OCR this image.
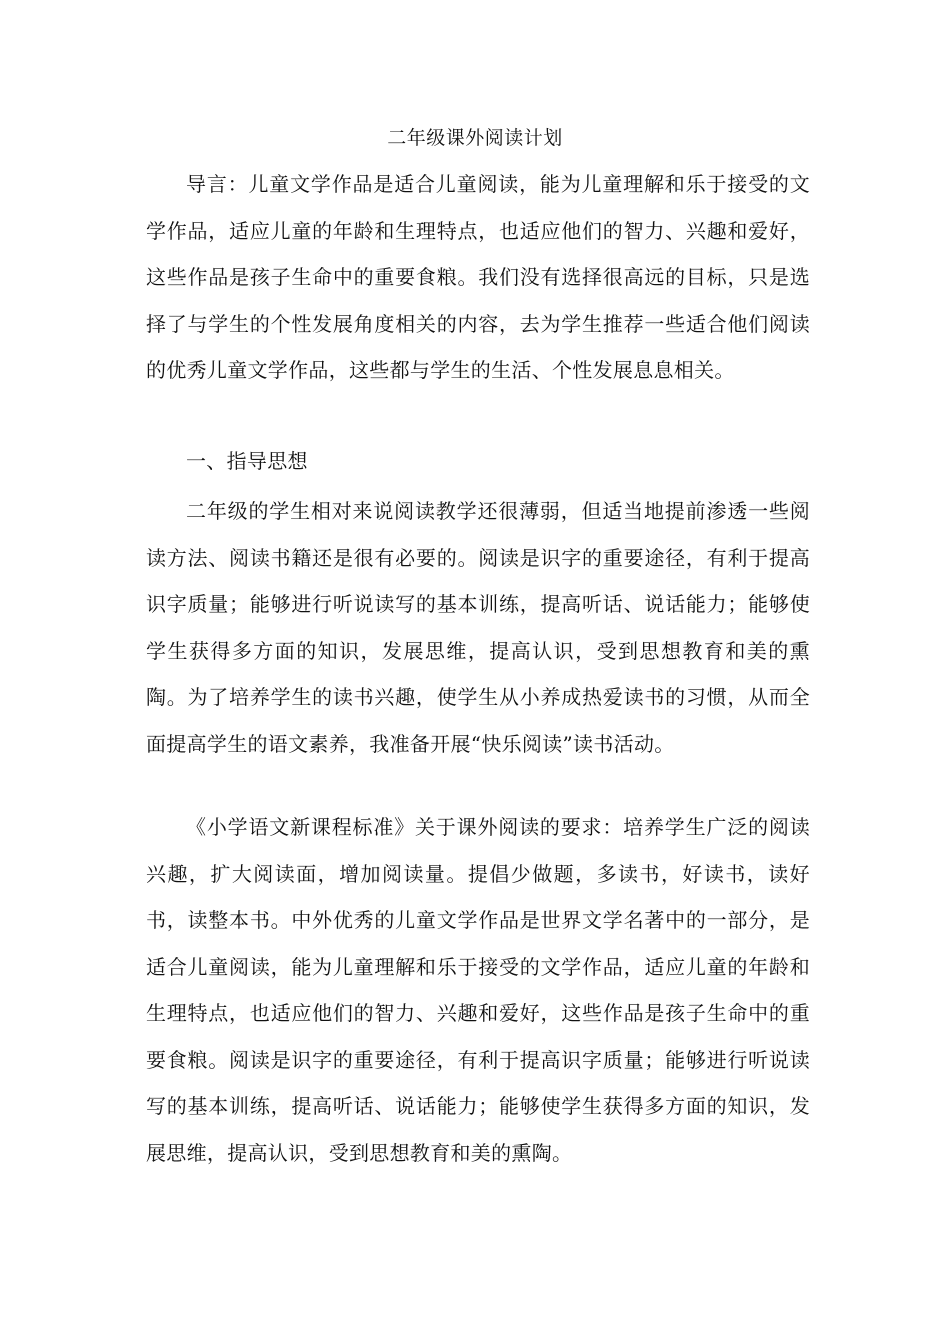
二年级课外阅读计划

导言：儿童文学作品是适合儿童阅读，能为儿童理解和乐于接受的文学作品，适应儿童的年龄和生理特点，也适应他们的智力、兴趣和爱好，这些作品是孩子生命中的重要食粮。我们没有选择很高远的目标，只是选择了与学生的个性发展角度相关的内容，去为学生推荐一些适合他们阅读的优秀儿童文学作品，这些都与学生的生活、个性发展息息相关。

一、指导思想

二年级的学生相对来说阅读教学还很薄弱，但适当地提前渗透一些阅读方法、阅读书籍还是很有必要的。阅读是识字的重要途径，有利于提高识字质量；能够进行听说读写的基本训练，提高听话、说话能力；能够使学生获得多方面的知识，发展思维，提高认识，受到思想教育和美的熏陶。为了培养学生的读书兴趣，使学生从小养成热爱读书的习惯，从而全面提高学生的语文素养，我准备开展“快乐阅读”读书活动。

《小学语文新课程标准》关于课外阅读的要求：培养学生广泛的阅读兴趣，扩大阅读面，增加阅读量。提倡少做题，多读书，好读书，读好书，读整本书。中外优秀的儿童文学作品是世界文学名著中的一部分，是适合儿童阅读，能为儿童理解和乐于接受的文学作品，适应儿童的年龄和生理特点，也适应他们的智力、兴趣和爱好，这些作品是孩子生命中的重要食粮。阅读是识字的重要途径，有利于提高识字质量；能够进行听说读写的基本训练，提高听话、说话能力；能够使学生获得多方面的知识，发展思维，提高认识，受到思想教育和美的熏陶。
